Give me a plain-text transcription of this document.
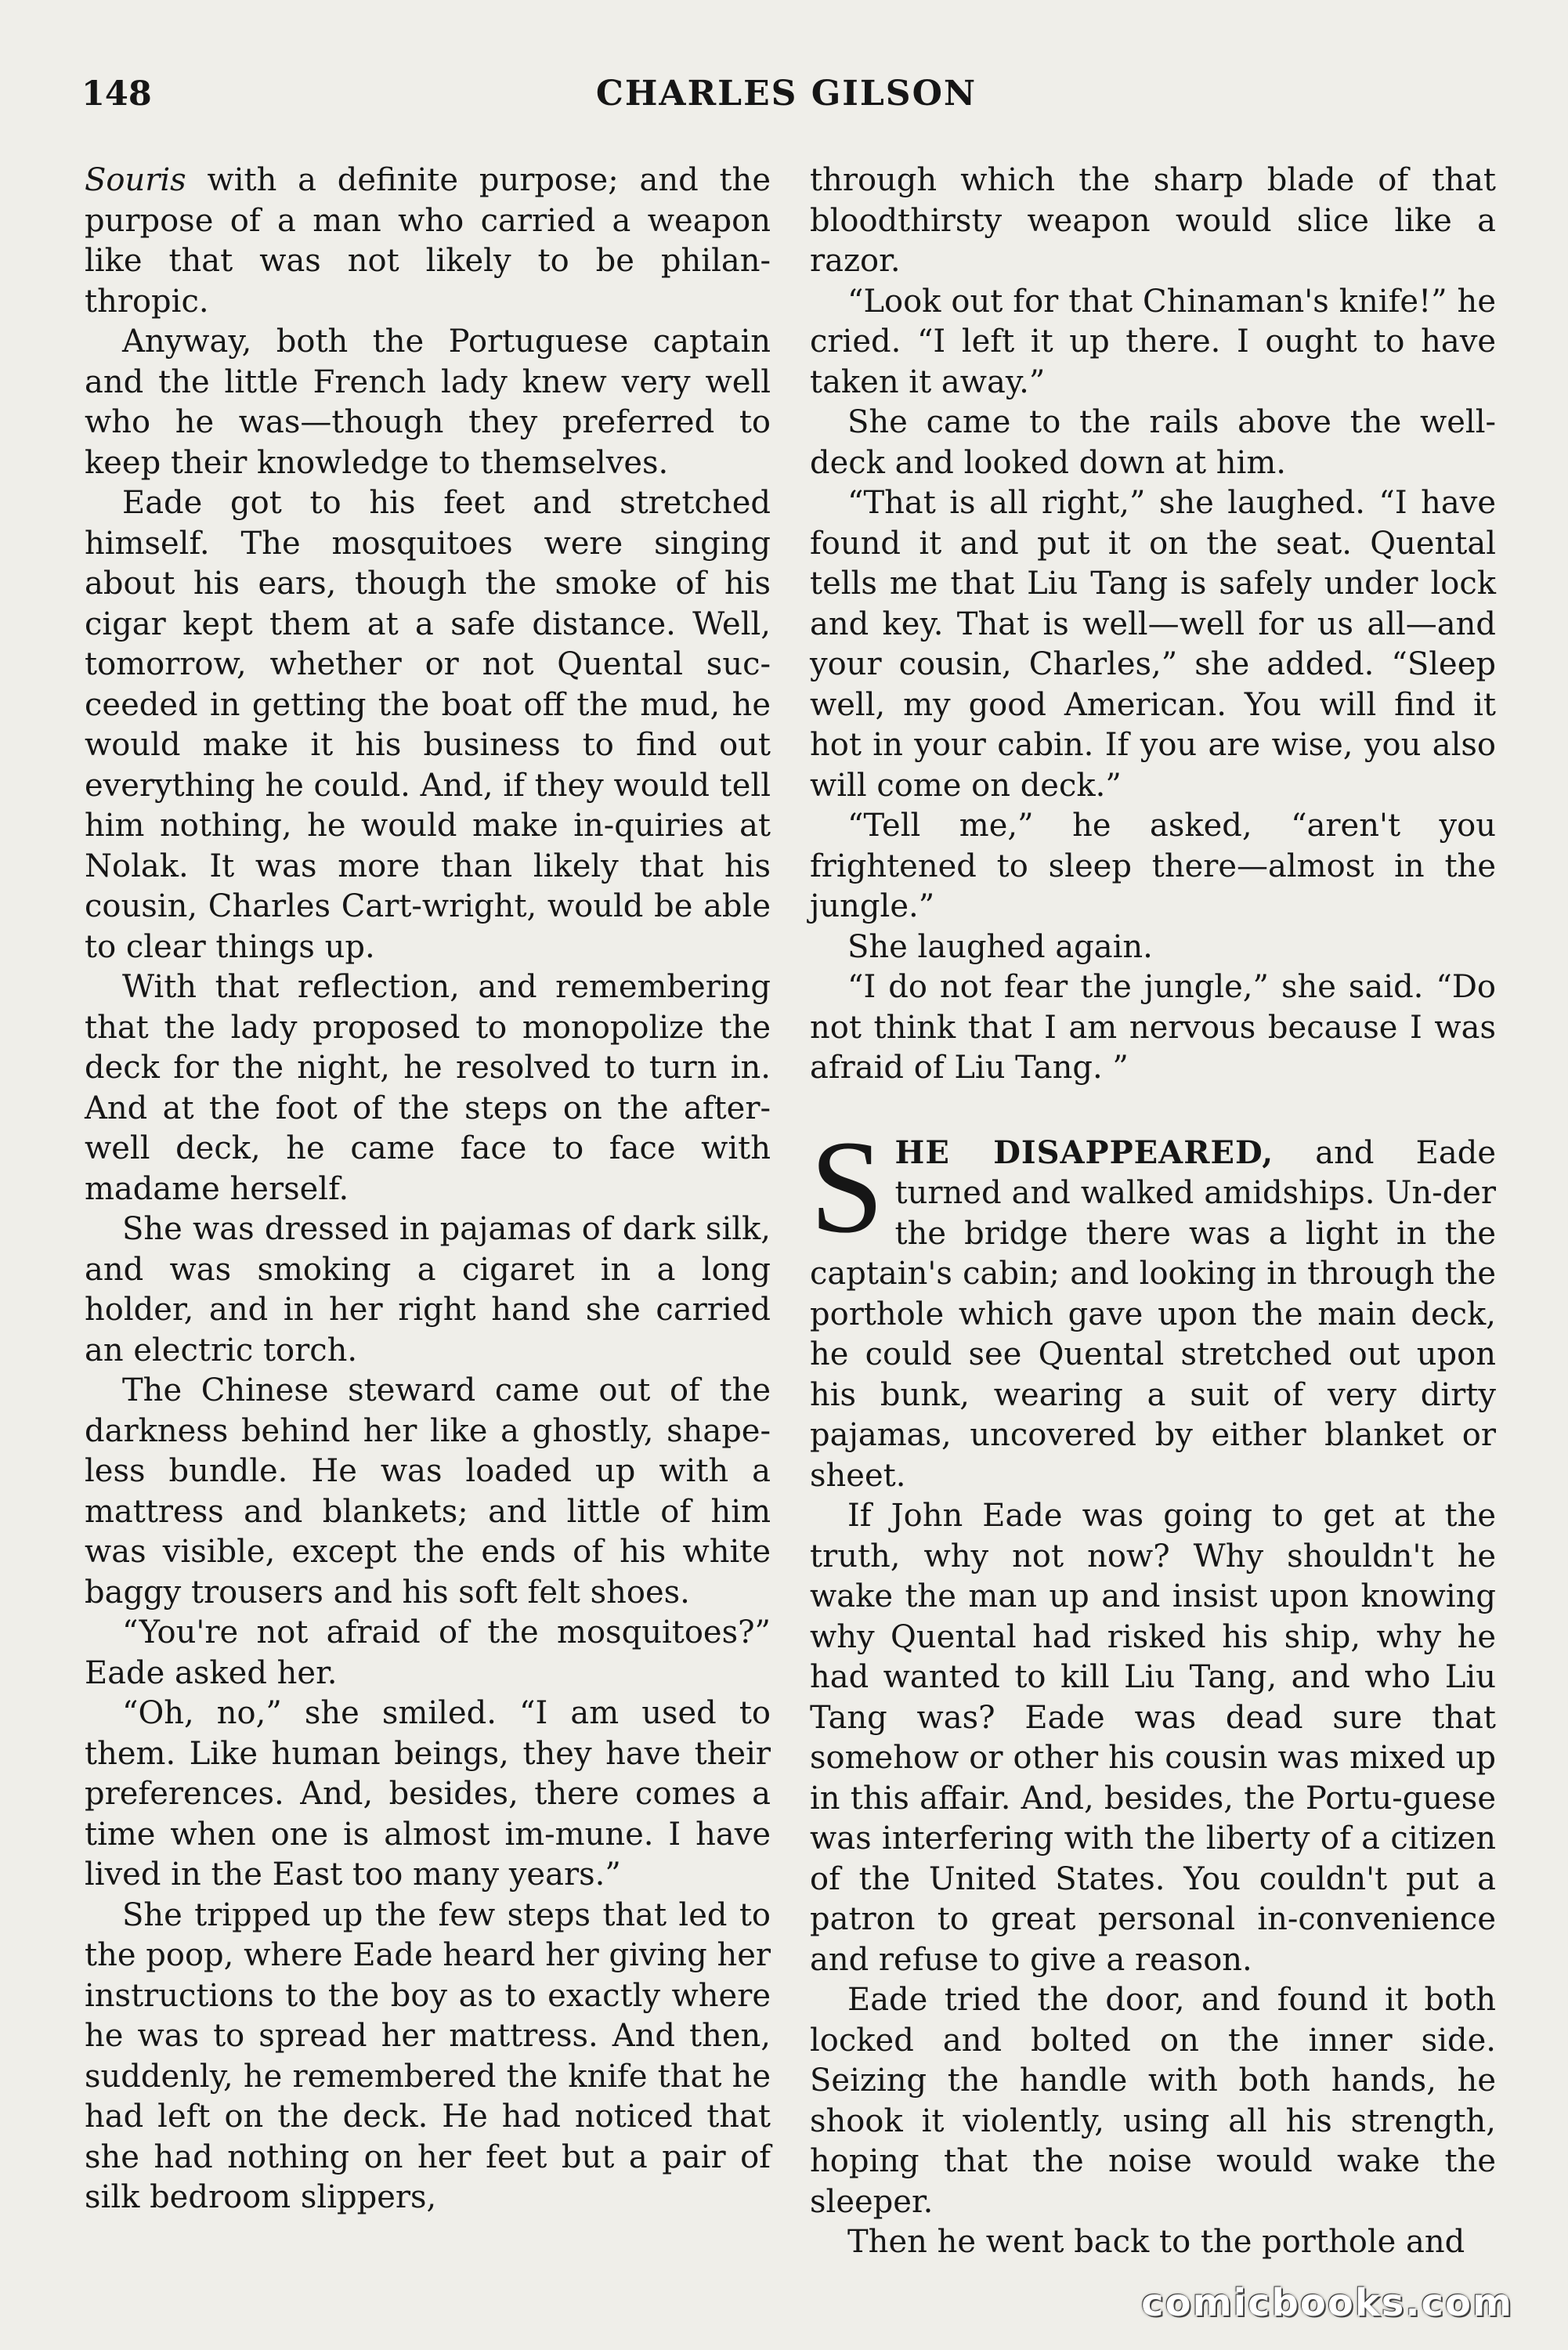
148	CHARLES GILSON

Souris with a definite purpose; and the purpose of a man who carried a weapon like that was not likely to be philan-thropic.

Anyway, both the Portuguese captain and the little French lady knew very well who he was—though they preferred to keep their knowledge to themselves.

Eade got to his feet and stretched himself. The mosquitoes were singing about his ears, though the smoke of his cigar kept them at a safe distance. Well, tomorrow, whether or not Quental suc-ceeded in getting the boat off the mud, he would make it his business to find out everything he could. And, if they would tell him nothing, he would make in-quiries at Nolak. It was more than likely that his cousin, Charles Cart-wright, would be able to clear things up.

With that reflection, and remembering that the lady proposed to monopolize the deck for the night, he resolved to turn in. And at the foot of the steps on the after-well deck, he came face to face with madame herself.

She was dressed in pajamas of dark silk, and was smoking a cigaret in a long holder, and in her right hand she carried an electric torch.

The Chinese steward came out of the darkness behind her like a ghostly, shape-less bundle. He was loaded up with a mattress and blankets; and little of him was visible, except the ends of his white baggy trousers and his soft felt shoes.

“You're not afraid of the mosquitoes?” Eade asked her.

“Oh, no,” she smiled. “I am used to them. Like human beings, they have their preferences. And, besides, there comes a time when one is almost im-mune. I have lived in the East too many years.”

She tripped up the few steps that led to the poop, where Eade heard her giving her instructions to the boy as to exactly where he was to spread her mattress. And then, suddenly, he remembered the knife that he had left on the deck. He had noticed that she had nothing on her feet but a pair of silk bedroom slippers,

through which the sharp blade of that bloodthirsty weapon would slice like a razor.

“Look out for that Chinaman's knife!” he cried. “I left it up there. I ought to have taken it away.”

She came to the rails above the well-deck and looked down at him.

“That is all right,” she laughed. “I have found it and put it on the seat. Quental tells me that Liu Tang is safely under lock and key. That is well—well for us all—and your cousin, Charles,” she added. “Sleep well, my good American. You will find it hot in your cabin. If you are wise, you also will come on deck.”

“Tell me,” he asked, “aren't you frightened to sleep there—almost in the jungle.”

She laughed again.

“I do not fear the jungle,” she said. “Do not think that I am nervous because I was afraid of Liu Tang. ”

SHE DISAPPEARED, and Eade turned and walked amidships. Un-der the bridge there was a light in the captain's cabin; and looking in through the porthole which gave upon the main deck, he could see Quental stretched out upon his bunk, wearing a suit of very dirty pajamas, uncovered by either blanket or sheet.

If John Eade was going to get at the truth, why not now? Why shouldn't he wake the man up and insist upon knowing why Quental had risked his ship, why he had wanted to kill Liu Tang, and who Liu Tang was? Eade was dead sure that somehow or other his cousin was mixed up in this affair. And, besides, the Portu-guese was interfering with the liberty of a citizen of the United States. You couldn't put a patron to great personal in-convenience and refuse to give a reason.

Eade tried the door, and found it both locked and bolted on the inner side. Seizing the handle with both hands, he shook it violently, using all his strength, hoping that the noise would wake the sleeper.

Then he went back to the porthole and

comicbooks.com
